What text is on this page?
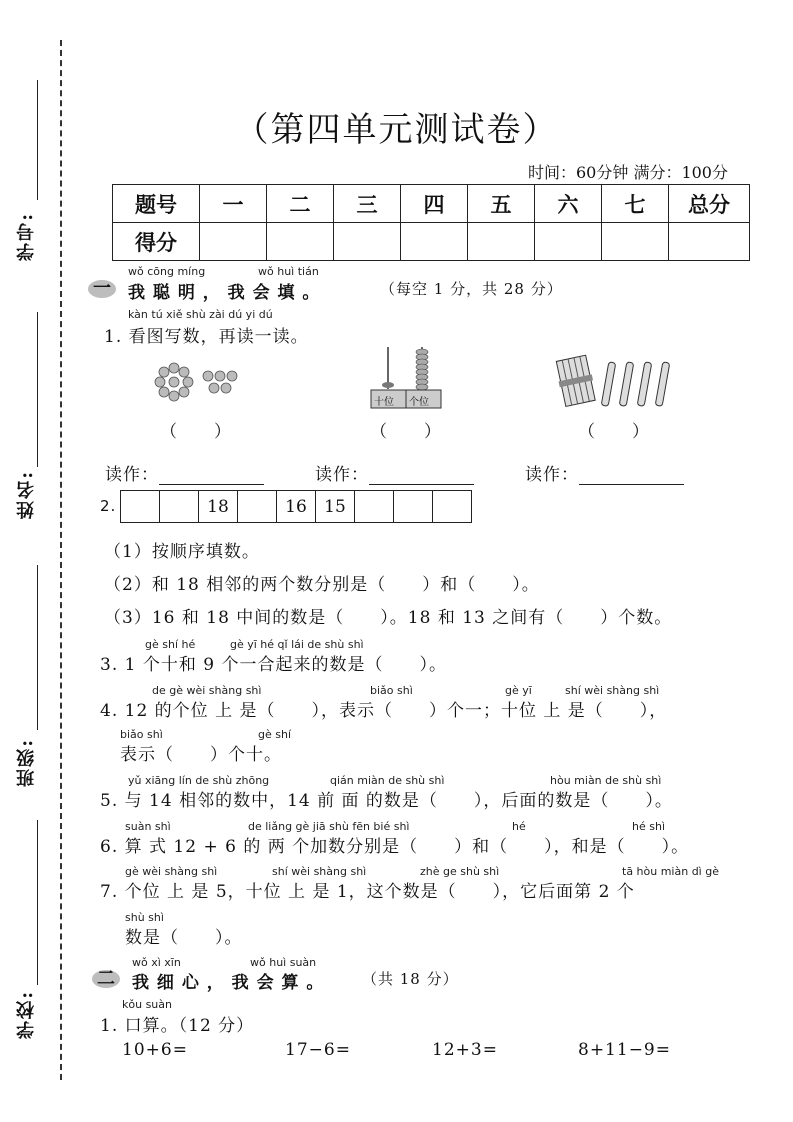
学号:
姓名:
班级:
学校:
（第四单元测试卷）
时间：60分钟 满分：100分
题号	一	二	三	四	五	六	七	总分
得分								
wǒ cōng míng	wǒ huì tián
一 我 聪 明 ， 我 会 填 。	（每空 1 分，共 28 分）
kàn tú xiě shù zài dú yi dú
1. 看图写数，再读一读。
（　　）
十位 个位
（　　）	（　　）
读作：	读作：	读作：
2.
			18		16	15			
（1）按顺序填数。
（2）和 18 相邻的两个数分别是（　　）和（　　）。
（3）16 和 18 中间的数是（　　）。18 和 13 之间有（　　）个数。
gè shí hé	gè yī hé qǐ lái de shù shì
3. 1 个十和 9 个一合起来的数是（　　）。
de gè wèi shàng shì	biǎo shì	gè yī	shí wèi shàng shì
4. 12 的个位 上 是（　　），表示（　　）个一；十位 上 是（　　），
biǎo shì	gè shí
表示（　　）个十。
yǔ xiāng lín de shù zhōng	qián miàn de shù shì	hòu miàn de shù shì
5. 与 14 相邻的数中，14 前 面 的数是（　　），后面的数是（　　）。
suàn shì	de liǎng gè jiā shù fēn bié shì	hé	hé shì
6. 算 式 12 + 6 的 两 个加数分别是（　　）和（　　），和是（　　）。
gè wèi shàng shì	shí wèi shàng shì	zhè ge shù shì	tā hòu miàn dì gè
7. 个位 上 是 5，十位 上 是 1，这个数是（　　），它后面第 2 个
shù shì
数是（　　）。
wǒ xì xīn	wǒ huì suàn
二 我 细 心 ， 我 会 算 。	（共 18 分）
kǒu suàn
1. 口算。（12 分）
10+6=	17−6=	12+3=	8+11−9=
